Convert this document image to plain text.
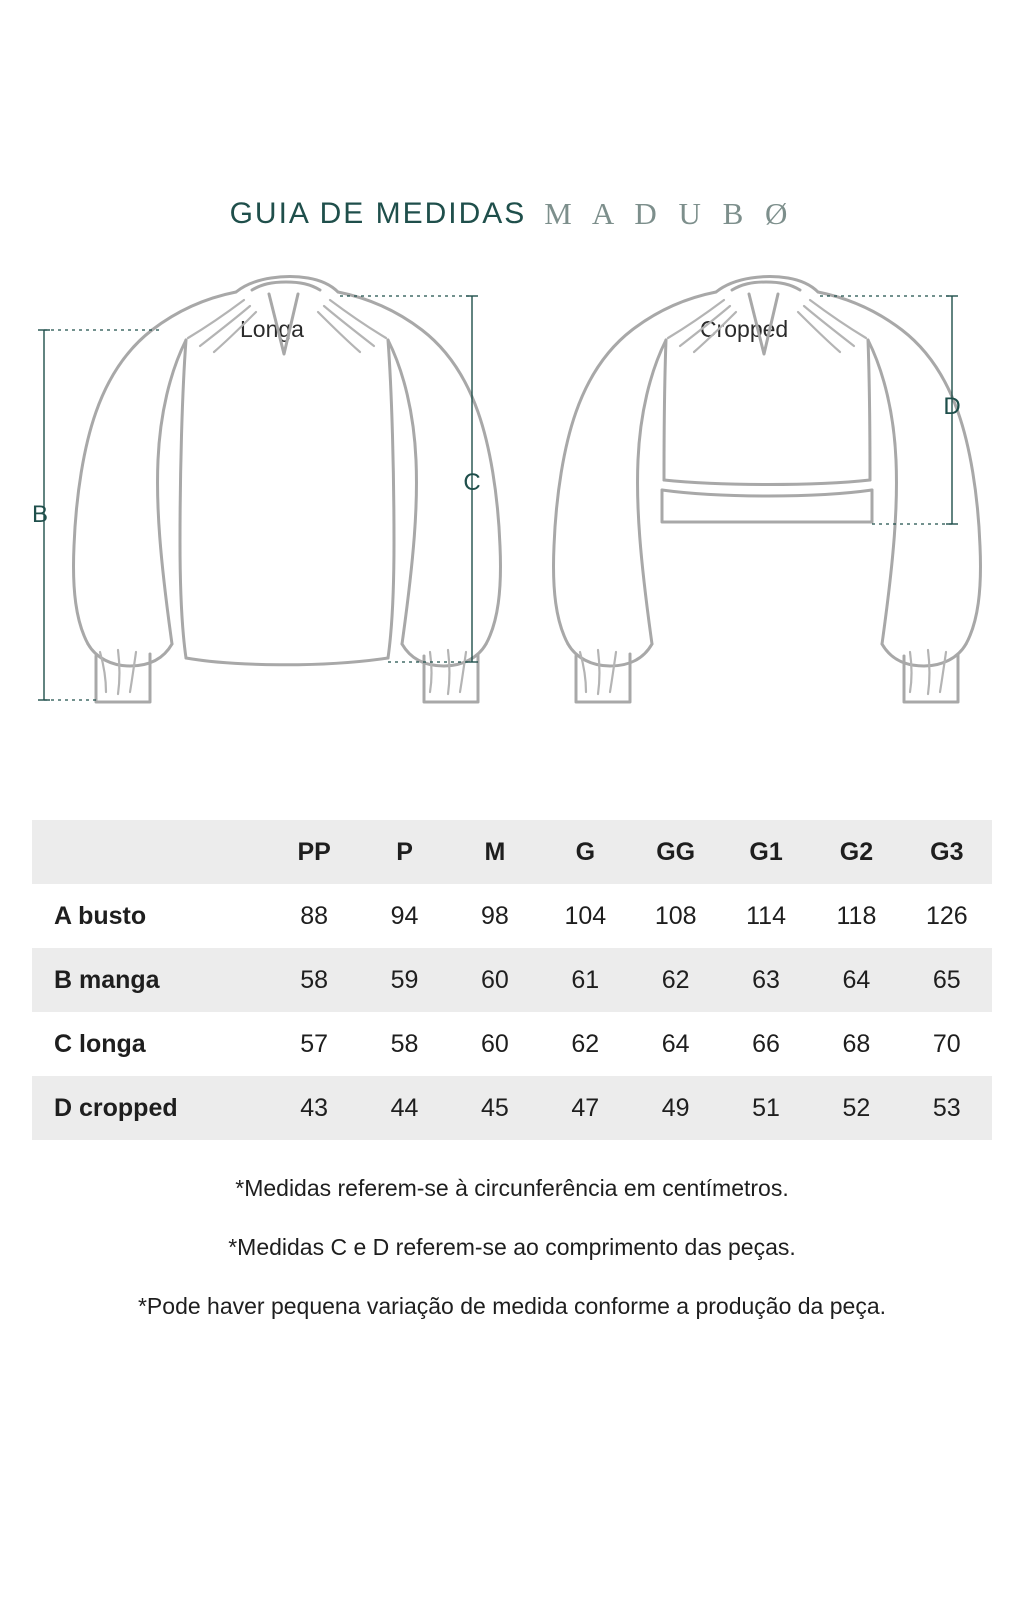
GUIA DE MEDIDAS M A D U B Ø
Longa	Cropped
B
C
D
	PP	P	M	G	GG	G1	G2	G3
A busto	88	94	98	104	108	114	118	126
B manga	58	59	60	61	62	63	64	65
C longa	57	58	60	62	64	66	68	70
D cropped	43	44	45	47	49	51	52	53
*Medidas referem-se à circunferência em centímetros.
*Medidas C e D referem-se ao comprimento das peças.
*Pode haver pequena variação de medida conforme a produção da peça.
